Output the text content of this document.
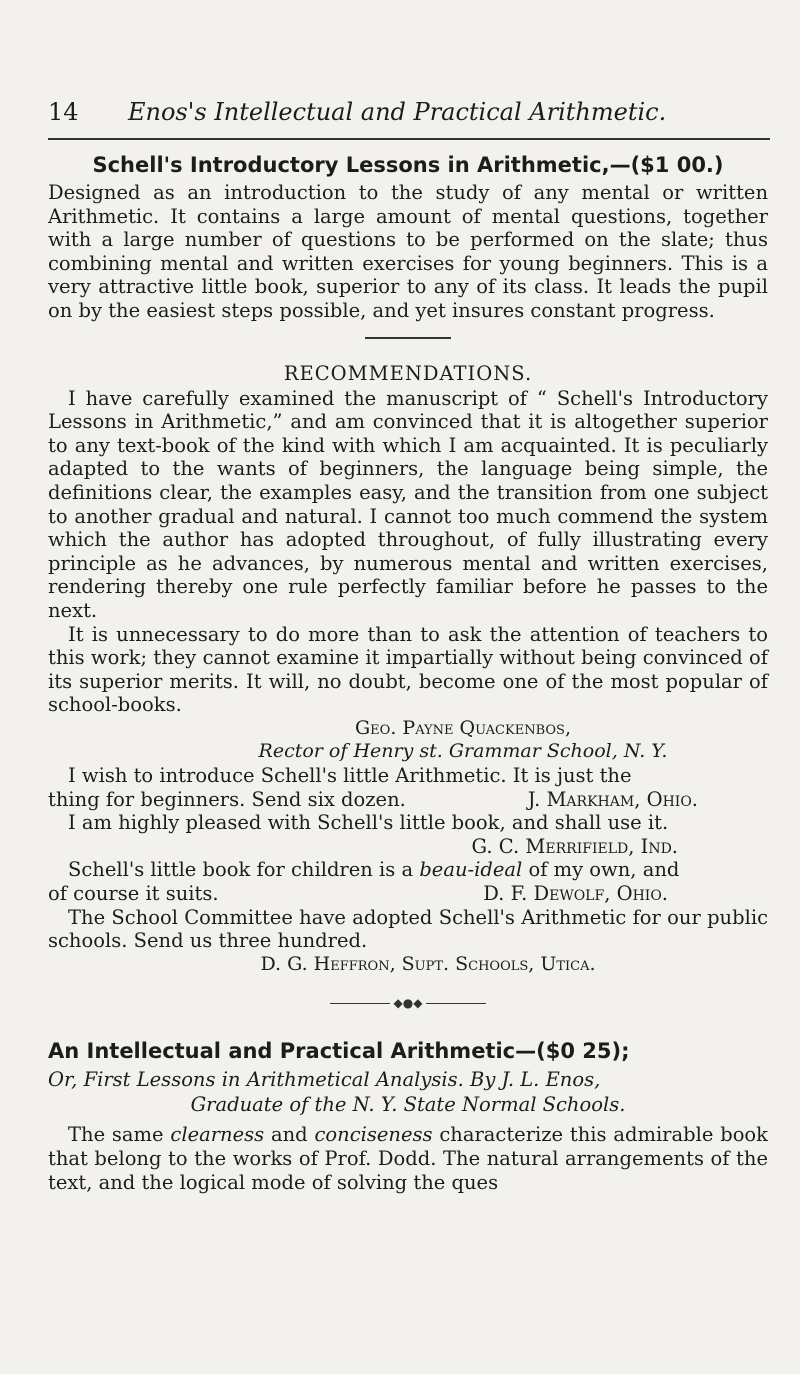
14 Enos's Intellectual and Practical Arithmetic.
Schell's Introductory Lessons in Arithmetic,—($1 00.)

Designed as an introduction to the study of any mental or written Arithmetic. It contains a large amount of mental questions, together with a large number of questions to be performed on the slate; thus combining mental and written exercises for young beginners. This is a very attractive little book, superior to any of its class. It leads the pupil on by the easiest steps possible, and yet insures constant progress.

RECOMMENDATIONS.

I have carefully examined the manuscript of “ Schell's Introductory Lessons in Arithmetic,” and am convinced that it is altogether superior to any text-book of the kind with which I am acquainted. It is peculiarly adapted to the wants of beginners, the language being simple, the definitions clear, the examples easy, and the transition from one subject to another gradual and natural. I cannot too much commend the system which the author has adopted throughout, of fully illustrating every principle as he advances, by numerous mental and written exercises, rendering thereby one rule perfectly familiar before he passes to the next.

It is unnecessary to do more than to ask the attention of teachers to this work; they cannot examine it impartially without being convinced of its superior merits. It will, no doubt, become one of the most popular of school-books.

Geo. Payne Quackenbos,
Rector of Henry st. Grammar School, N. Y.
I wish to introduce Schell's little Arithmetic. It is just the
thing for beginners. Send six dozen.	J. Markham, Ohio.
I am highly pleased with Schell's little book, and shall use it.
G. C. Merrifield, Ind.
Schell's little book for children is a beau-ideal of my own, and
of course it suits.	D. F. Dewolf, Ohio.

The School Committee have adopted Schell's Arithmetic for our public schools. Send us three hundred.

D. G. Heffron, Supt. Schools, Utica.
◆●◆
An Intellectual and Practical Arithmetic—($0 25);
Or, First Lessons in Arithmetical Analysis. By J. L. Enos,
Graduate of the N. Y. State Normal Schools.

The same clearness and conciseness characterize this admirable book that belong to the works of Prof. Dodd. The natural arrangements of the text, and the logical mode of solving the ques
